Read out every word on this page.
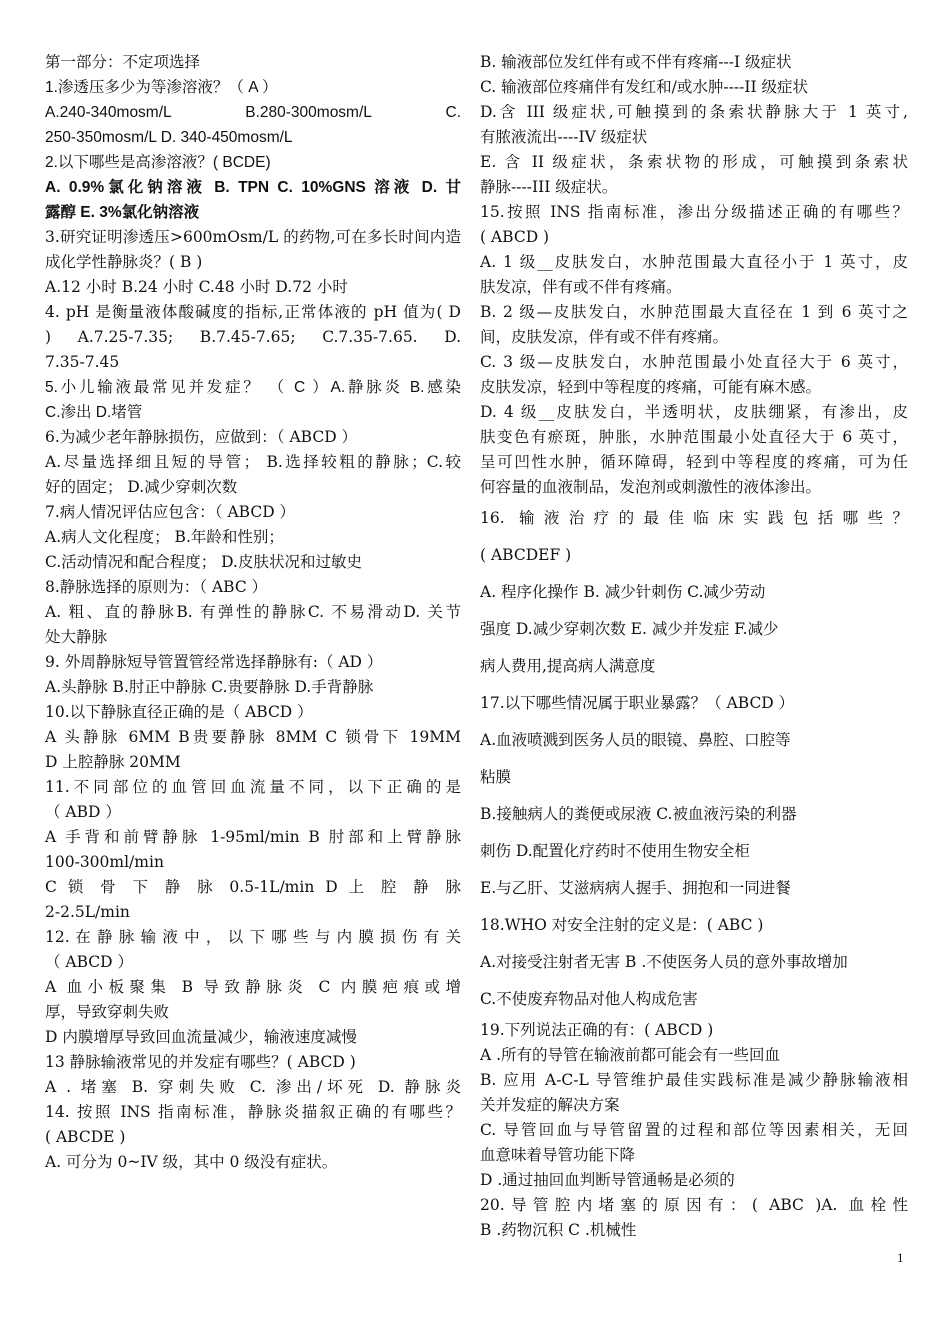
第一部分：不定项选择
1.渗透压多少为等渗溶液？（ A ）
A.240-340mosm/L B.280-300mosm/L C.
250-350mosm/L D. 340-450mosm/L
2.以下哪些是高渗溶液？( BCDE)
A. 0.9%氯化钠溶液 B. TPN C. 10%GNS 溶液 D. 甘
露醇 E. 3%氯化钠溶液
3.研究证明渗透压>600mOsm/L 的药物,可在多长时间内造
成化学性静脉炎？( B )
A.12 小时 B.24 小时 C.48 小时 D.72 小时
4. pH 是衡量液体酸碱度的指标,正常体液的 pH 值为( D
) A.7.25-7.35; B.7.45-7.65; C.7.35-7.65. D.
7.35-7.45
5.小儿输液最常见并发症？ （ C ）A.静脉炎 B.感染
C.渗出 D.堵管
6.为减少老年静脉损伤，应做到：（ ABCD ）
A.尽量选择细且短的导管； B.选择较粗的静脉；C.较
好的固定； D.减少穿刺次数
7.病人情况评估应包含：（ ABCD ）
A.病人文化程度； B.年龄和性别；
C.活动情况和配合程度； D.皮肤状况和过敏史
8.静脉选择的原则为：（ ABC ）
A. 粗、直的静脉B. 有弹性的静脉C. 不易滑动D. 关节
处大静脉
9. 外周静脉短导管置管经常选择静脉有:（ AD ）
A.头静脉 B.肘正中静脉 C.贵要静脉 D.手背静脉
10.以下静脉直径正确的是（ ABCD ）
A 头静脉 6MM B贵要静脉 8MM C 锁骨下 19MM
D 上腔静脉 20MM
11.不同部位的血管回血流量不同，以下正确的是
（ ABD ）
A 手背和前臂静脉 1-95ml/min B 肘部和上臂静脉
100-300ml/min
C 锁 骨 下 静 脉 0.5-1L/min D 上 腔 静 脉
2-2.5L/min
12. 在 静 脉 输 液 中 ， 以 下 哪 些 与 内 膜 损 伤 有 关
（ ABCD ）
A 血小板聚集 B 导致静脉炎 C 内膜疤痕或增
厚，导致穿刺失败
D 内膜增厚导致回血流量减少，输液速度减慢
13 静脉输液常见的并发症有哪些？( ABCD )
A . 堵塞 B. 穿刺失败 C. 渗出/坏死 D. 静脉炎
14. 按照 INS 指南标准，静脉炎描叙正确的有哪些？
( ABCDE )
A. 可分为 0~IV 级，其中 0 级没有症状。
B. 输液部位发红伴有或不伴有疼痛---I 级症状
C. 输液部位疼痛伴有发红和/或水肿----II 级症状
D.含 III 级症状,可触摸到的条索状静脉大于 1 英寸,
有脓液流出----IV 级症状
E. 含 II 级症状，条索状物的形成，可触摸到条索状
静脉----III 级症状。
15.按照 INS 指南标准，渗出分级描述正确的有哪些？
( ABCD )
A. 1 级__皮肤发白，水肿范围最大直径小于 1 英寸，皮
肤发凉，伴有或不伴有疼痛。
B. 2 级—皮肤发白，水肿范围最大直径在 1 到 6 英寸之
间，皮肤发凉，伴有或不伴有疼痛。
C. 3 级—皮肤发白，水肿范围最小处直径大于 6 英寸，
皮肤发凉，轻到中等程度的疼痛，可能有麻木感。
D. 4 级__皮肤发白，半透明状，皮肤绷紧，有渗出，皮
肤变色有瘀斑，肿胀，水肿范围最小处直径大于 6 英寸，
呈可凹性水肿，循环障碍，轻到中等程度的疼痛，可为任
何容量的血液制品，发泡剂或刺激性的液体渗出。
16. 输液治疗的最佳临床实践包括哪些？
( ABCDEF )
A. 程序化操作 B. 减少针刺伤 C.减少劳动
强度 D.减少穿刺次数 E. 减少并发症 F.减少
病人费用,提高病人满意度
17.以下哪些情况属于职业暴露？（ ABCD ）
A.血液喷溅到医务人员的眼镜、鼻腔、口腔等
粘膜
B.接触病人的粪便或尿液 C.被血液污染的利器
刺伤 D.配置化疗药时不使用生物安全柜
E.与乙肝、艾滋病病人握手、拥抱和一同进餐
18.WHO 对安全注射的定义是：( ABC )
A.对接受注射者无害 B .不使医务人员的意外事故增加
C.不使废弃物品对他人构成危害
19.下列说法正确的有：( ABCD )
A .所有的导管在输液前都可能会有一些回血
B. 应用 A-C-L 导管维护最佳实践标准是减少静脉输液相
关并发症的解决方案
C. 导管回血与导管留置的过程和部位等因素相关，无回
血意味着导管功能下降
D .通过抽回血判断导管通畅是必须的
20.导管腔内堵塞的原因有：( ABC )A. 血栓性
B .药物沉积 C .机械性
1
